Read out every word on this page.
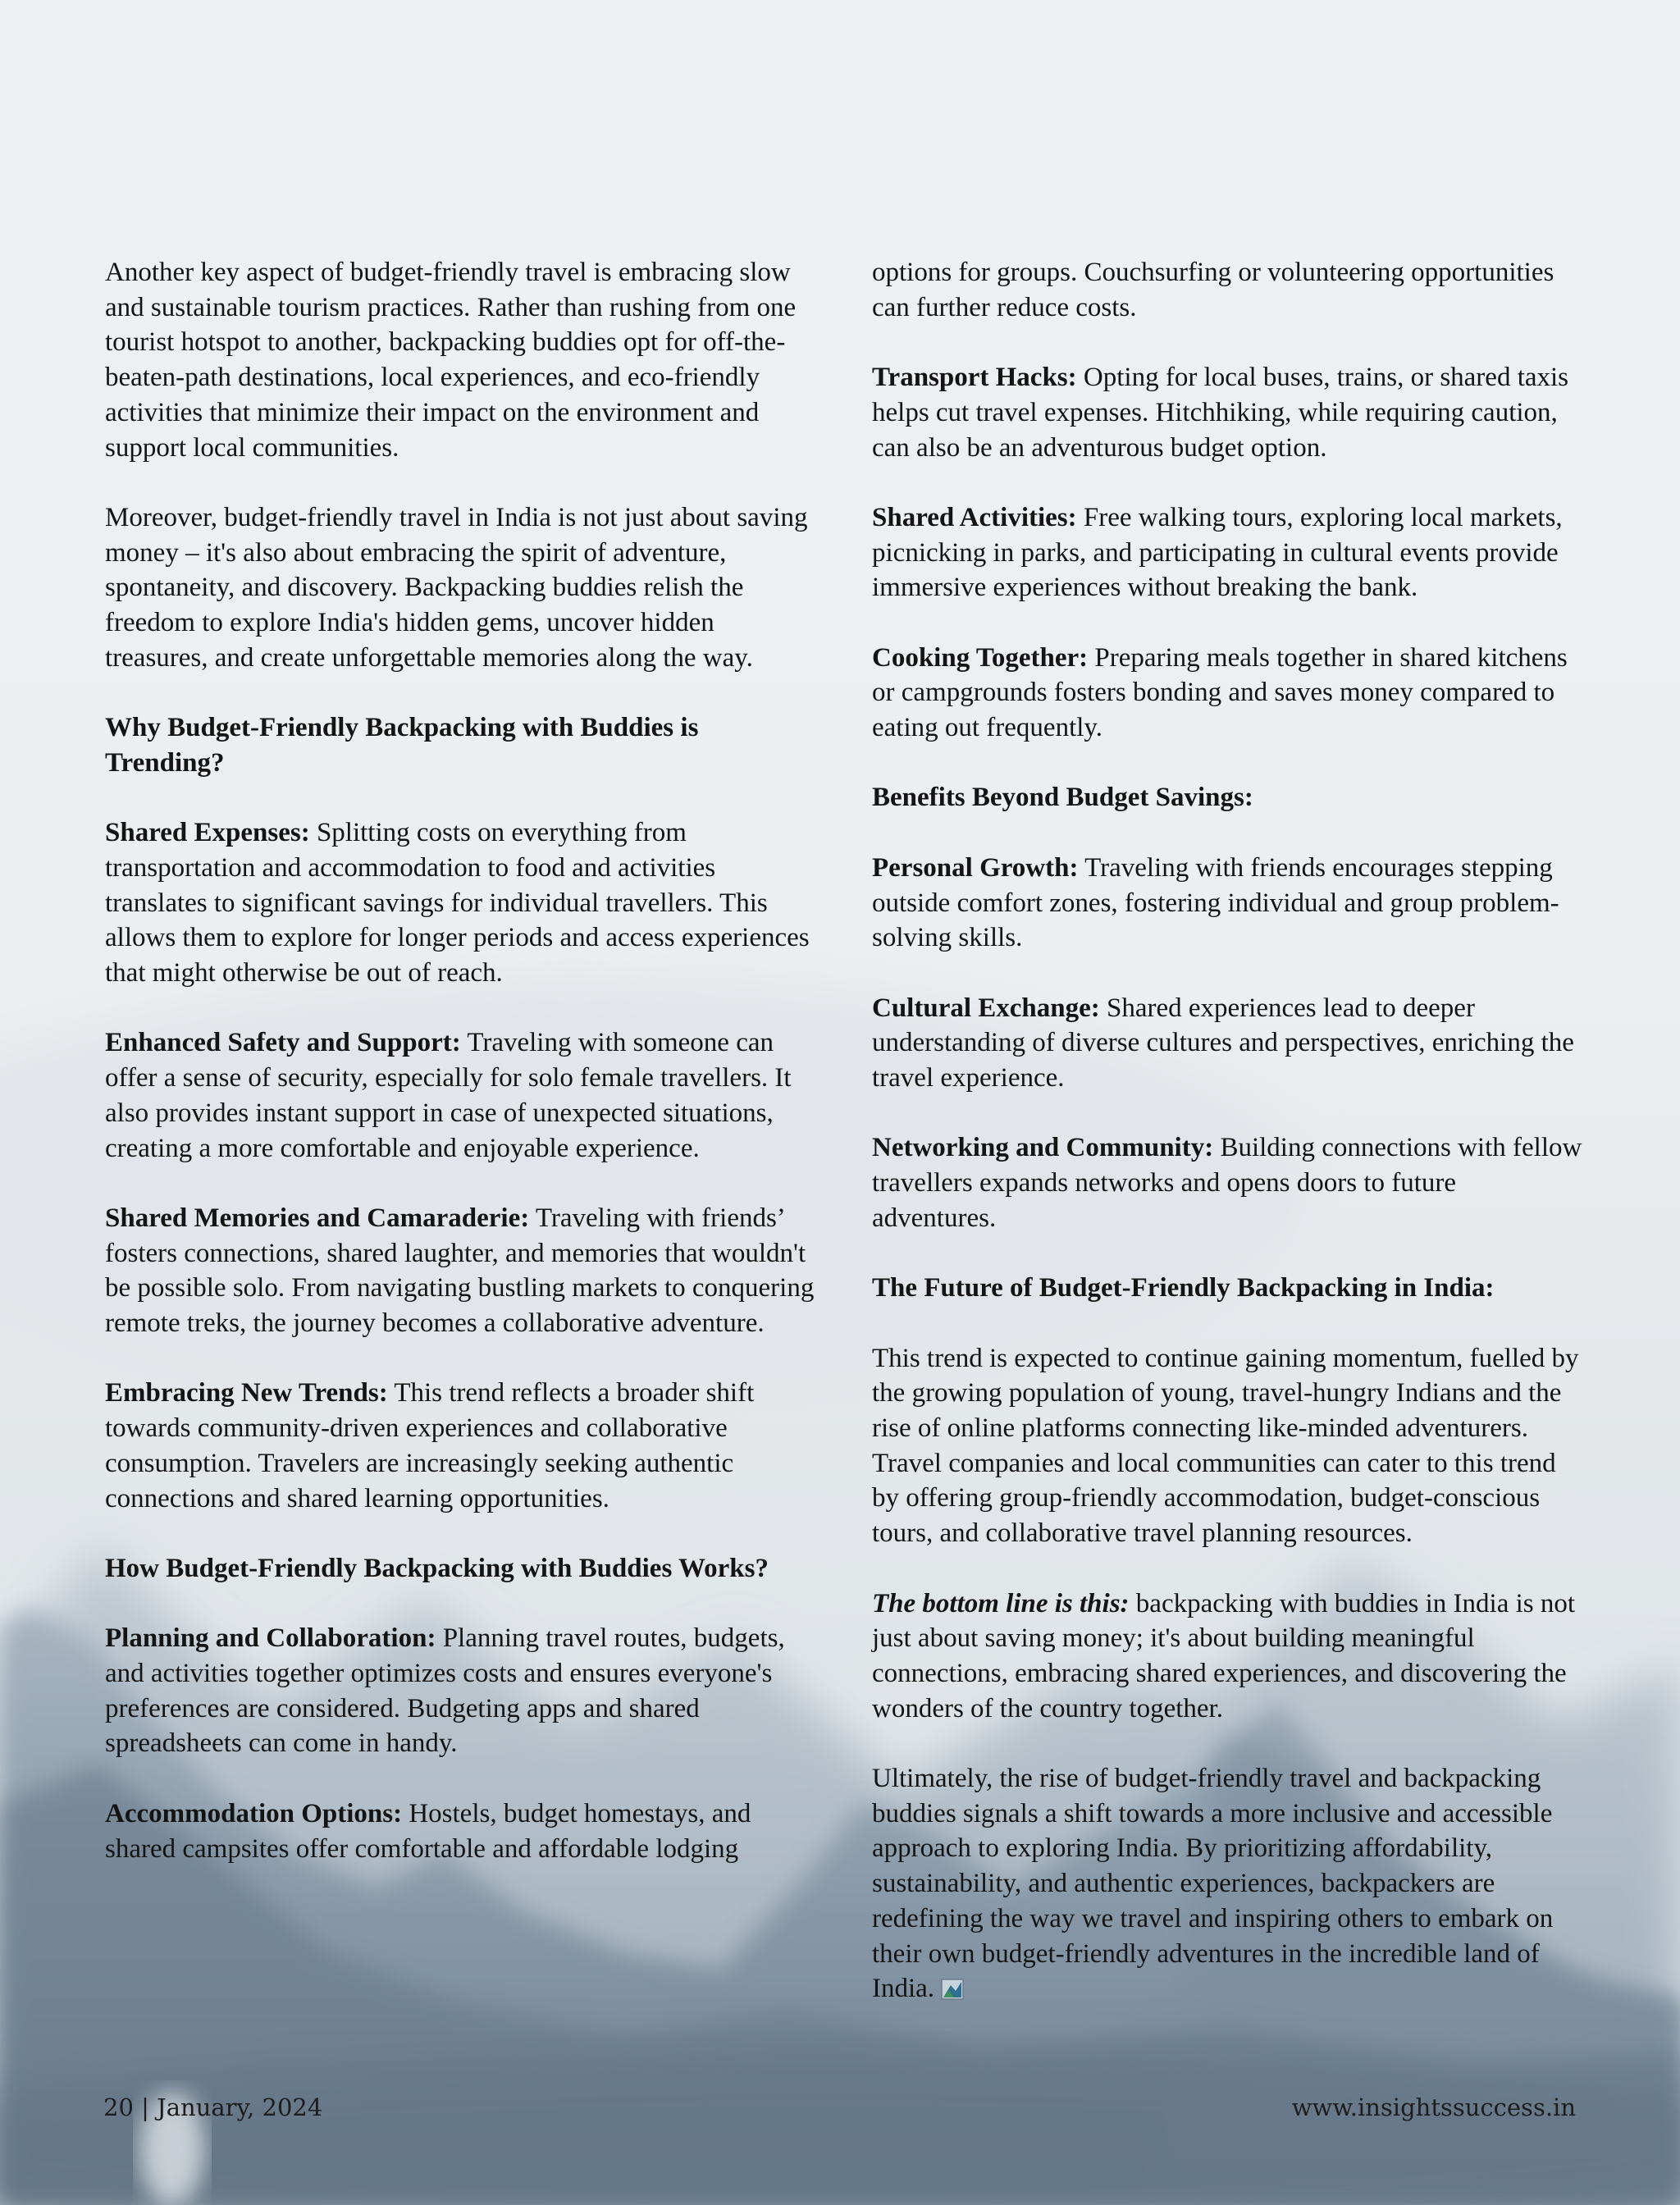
Another key aspect of budget-friendly travel is embracing slow and sustainable tourism practices. Rather than rushing from one tourist hotspot to another, backpacking buddies opt for off-the-beaten-path destinations, local experiences, and eco-friendly activities that minimize their impact on the environment and support local communities.

Moreover, budget-friendly travel in India is not just about saving money – it's also about embracing the spirit of adventure, spontaneity, and discovery. Backpacking buddies relish the freedom to explore India's hidden gems, uncover hidden treasures, and create unforgettable memories along the way.

Why Budget-Friendly Backpacking with Buddies is Trending?

Shared Expenses: Splitting costs on everything from transportation and accommodation to food and activities translates to significant savings for individual travellers. This allows them to explore for longer periods and access experiences that might otherwise be out of reach.

Enhanced Safety and Support: Traveling with someone can offer a sense of security, especially for solo female travellers. It also provides instant support in case of unexpected situations, creating a more comfortable and enjoyable experience.

Shared Memories and Camaraderie: Traveling with friends’ fosters connections, shared laughter, and memories that wouldn't be possible solo. From navigating bustling markets to conquering remote treks, the journey becomes a collaborative adventure.

Embracing New Trends: This trend reflects a broader shift towards community-driven experiences and collaborative consumption. Travelers are increasingly seeking authentic connections and shared learning opportunities.

How Budget-Friendly Backpacking with Buddies Works?

Planning and Collaboration: Planning travel routes, budgets, and activities together optimizes costs and ensures everyone's preferences are considered. Budgeting apps and shared spreadsheets can come in handy.

Accommodation Options: Hostels, budget homestays, and shared campsites offer comfortable and affordable lodging

options for groups. Couchsurfing or volunteering opportunities can further reduce costs.

Transport Hacks: Opting for local buses, trains, or shared taxis helps cut travel expenses. Hitchhiking, while requiring caution, can also be an adventurous budget option.

Shared Activities: Free walking tours, exploring local markets, picnicking in parks, and participating in cultural events provide immersive experiences without breaking the bank.

Cooking Together: Preparing meals together in shared kitchens or campgrounds fosters bonding and saves money compared to eating out frequently.

Benefits Beyond Budget Savings:

Personal Growth: Traveling with friends encourages stepping outside comfort zones, fostering individual and group problem-solving skills.

Cultural Exchange: Shared experiences lead to deeper understanding of diverse cultures and perspectives, enriching the travel experience.

Networking and Community: Building connections with fellow travellers expands networks and opens doors to future adventures.

The Future of Budget-Friendly Backpacking in India:

This trend is expected to continue gaining momentum, fuelled by the growing population of young, travel-hungry Indians and the rise of online platforms connecting like-minded adventurers. Travel companies and local communities can cater to this trend by offering group-friendly accommodation, budget-conscious tours, and collaborative travel planning resources.

The bottom line is this: backpacking with buddies in India is not just about saving money; it's about building meaningful connections, embracing shared experiences, and discovering the wonders of the country together.

Ultimately, the rise of budget-friendly travel and backpacking buddies signals a shift towards a more inclusive and accessible approach to exploring India. By prioritizing affordability, sustainability, and authentic experiences, backpackers are redefining the way we travel and inspiring others to embark on their own budget-friendly adventures in the incredible land of India.

20 | January, 2024	www.insightssuccess.in
